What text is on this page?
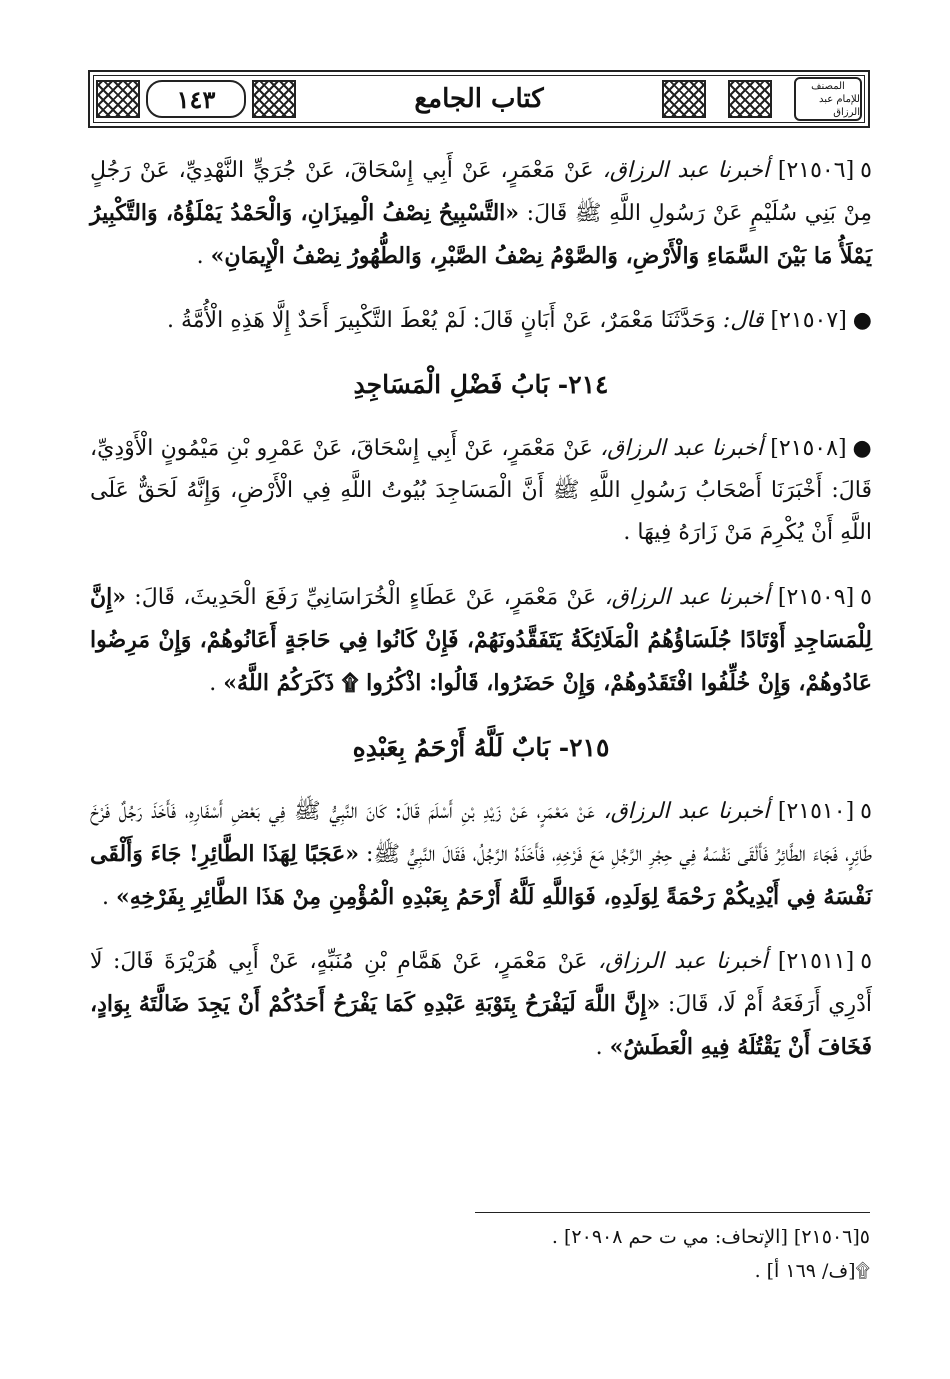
١٤٣	كتاب الجامع	المصنف
للإمام عبد الرزاق

٥[٢١٥٠٦] أخبرنا عبد الرزاق، عَنْ مَعْمَرٍ، عَنْ أَبِي إِسْحَاقَ، عَنْ جُرَيٍّ النَّهْدِيِّ، عَنْ رَجُلٍ مِنْ بَنِي سُلَيْمٍ عَنْ رَسُولِ اللَّهِ ﷺ قَالَ: «التَّسْبِيحُ نِصْفُ الْمِيزَانِ، وَالْحَمْدُ يَمْلَؤُهُ، وَالتَّكْبِيرُ يَمْلَأُ مَا بَيْنَ السَّمَاءِ وَالْأَرْضِ، وَالصَّوْمُ نِصْفُ الصَّبْرِ، وَالطُّهُورُ نِصْفُ الْإِيمَانِ» .

●[٢١٥٠٧] قال: وَحَدَّثَنَا مَعْمَرٌ، عَنْ أَبَانٍ قَالَ: لَمْ يُعْطَ التَّكْبِيرَ أَحَدٌ إِلَّا هَذِهِ الْأُمَّةُ .

٢١٤- بَابُ فَضْلِ الْمَسَاجِدِ

●[٢١٥٠٨] أخبرنا عبد الرزاق، عَنْ مَعْمَرٍ، عَنْ أَبِي إِسْحَاقَ، عَنْ عَمْرِو بْنِ مَيْمُونٍ الْأَوْدِيِّ، قَالَ: أَخْبَرَنَا أَصْحَابُ رَسُولِ اللَّهِ ﷺ أَنَّ الْمَسَاجِدَ بُيُوتُ اللَّهِ فِي الْأَرْضِ، وَإِنَّهُ لَحَقٌّ عَلَى اللَّهِ أَنْ يُكْرِمَ مَنْ زَارَهُ فِيهَا .

٥[٢١٥٠٩] أخبرنا عبد الرزاق، عَنْ مَعْمَرٍ، عَنْ عَطَاءٍ الْخُرَاسَانِيِّ رَفَعَ الْحَدِيثَ، قَالَ: «إِنَّ لِلْمَسَاجِدِ أَوْتَادًا جُلَسَاؤُهُمُ الْمَلَائِكَةُ يَتَفَقَّدُونَهُمْ، فَإِنْ كَانُوا فِي حَاجَةٍ أَعَانُوهُمْ، وَإِنْ مَرِضُوا عَادُوهُمْ، وَإِنْ خُلِّفُوا افْتَقَدُوهُمْ، وَإِنْ حَضَرُوا، قَالُوا: اذْكُرُوا ۩ ذَكَرَكُمُ اللَّهُ» .

٢١٥- بَابٌ لَلَّهُ أَرْحَمُ بِعَبْدِهِ

٥[٢١٥١٠] أخبرنا عبد الرزاق، عَنْ مَعْمَرٍ، عَنْ زَيْدِ بْنِ أَسْلَمَ قَالَ: كَانَ النَّبِيُّ ﷺ فِي بَعْضِ أَسْفَارِهِ، فَأَخَذَ رَجُلٌ فَرْخَ طَائِرٍ، فَجَاءَ الطَّائِرُ فَأَلْقَى نَفْسَهُ فِي حِجْرِ الرَّجُلِ مَعَ فَرْخِهِ، فَأَخَذَهُ الرَّجُلُ، فَقَالَ النَّبِيُّ ﷺ: «عَجَبًا لِهَذَا الطَّائِرِ! جَاءَ وَأَلْقَى نَفْسَهُ فِي أَيْدِيكُمْ رَحْمَةً لِوَلَدِهِ، فَوَاللَّهِ لَلَّهُ أَرْحَمُ بِعَبْدِهِ الْمُؤْمِنِ مِنْ هَذَا الطَّائِرِ بِفَرْخِهِ» .

٥[٢١٥١١] أخبرنا عبد الرزاق، عَنْ مَعْمَرٍ، عَنْ هَمَّامِ بْنِ مُنَبِّهٍ، عَنْ أَبِي هُرَيْرَةَ قَالَ: لَا أَدْرِي أَرَفَعَهُ أَمْ لَا، قَالَ: «إِنَّ اللَّهَ لَيَفْرَحُ بِتَوْبَةِ عَبْدِهِ كَمَا يَفْرَحُ أَحَدُكُمْ أَنْ يَجِدَ ضَالَّتَهُ بِوَادٍ، فَخَافَ أَنْ يَقْتُلَهُ فِيهِ الْعَطَشُ» .

٥[٢١٥٠٦] [الإتحاف: مي ت حم ٢٠٩٠٨] .
۩[ف/ ١٦٩ أ] .
